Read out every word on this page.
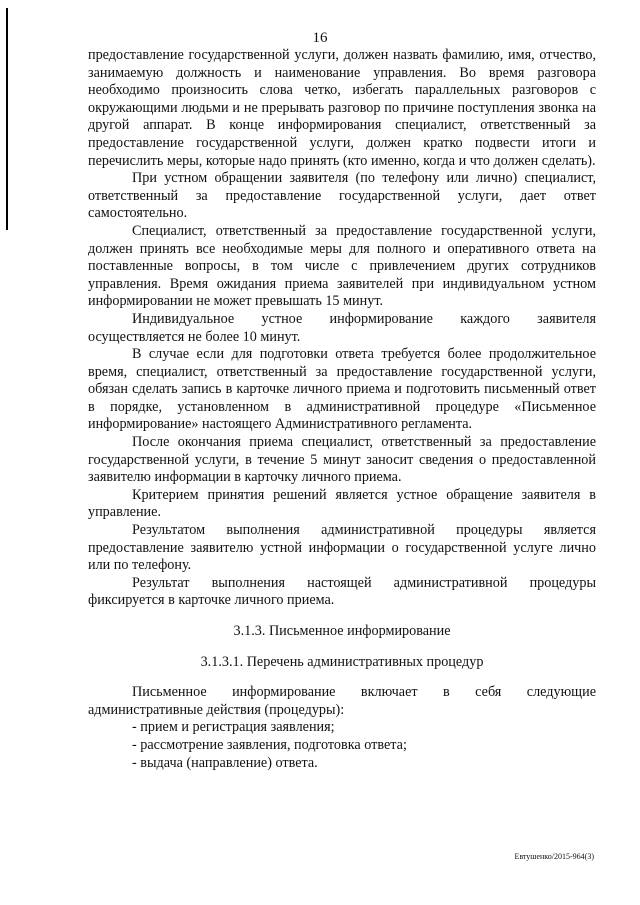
16

предоставление государственной услуги, должен назвать фамилию, имя, отчество, занимаемую должность и наименование управления. Во время разговора необходимо произносить слова четко, избегать параллельных разговоров с окружающими людьми и не прерывать разговор по причине поступления звонка на другой аппарат. В конце информирования специалист, ответственный за предоставление государственной услуги, должен кратко подвести итоги и перечислить меры, которые надо принять (кто именно, когда и что должен сделать).

При устном обращении заявителя (по телефону или лично) специалист, ответственный за предоставление государственной услуги, дает ответ самостоятельно.

Специалист, ответственный за предоставление государственной услуги, должен принять все необходимые меры для полного и оперативного ответа на поставленные вопросы, в том числе с привлечением других сотрудников управления. Время ожидания приема заявителей при индивидуальном устном информировании не может превышать 15 минут.

Индивидуальное устное информирование каждого заявителя осуществляется не более 10 минут.

В случае если для подготовки ответа требуется более продолжительное время, специалист, ответственный за предоставление государственной услуги, обязан сделать запись в карточке личного приема и подготовить письменный ответ в порядке, установленном в административной процедуре «Письменное информирование» настоящего Административного регламента.

После окончания приема специалист, ответственный за предоставление государственной услуги, в течение 5 минут заносит сведения о предоставленной заявителю информации в карточку личного приема.

Критерием принятия решений является устное обращение заявителя в управление.

Результатом выполнения административной процедуры является предоставление заявителю устной информации о государственной услуге лично или по телефону.

Результат выполнения настоящей административной процедуры фиксируется в карточке личного приема.

3.1.3. Письменное информирование

3.1.3.1. Перечень административных процедур

Письменное информирование включает в себя следующие административные действия (процедуры):

- прием и регистрация заявления;
- рассмотрение заявления, подготовка ответа;
- выдача (направление) ответа.
Евтушенко/2015-964(3)
